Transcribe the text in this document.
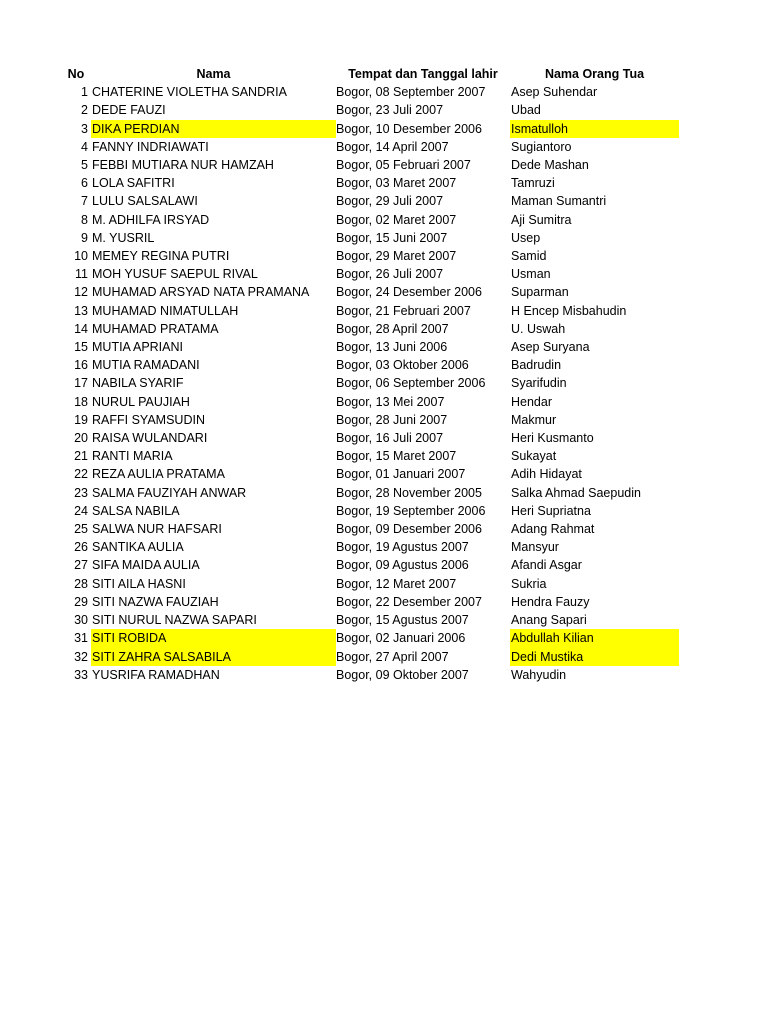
No		Nama	Tempat dan Tanggal lahir	Nama Orang Tua
1		CHATERINE VIOLETHA SANDRIA	Bogor, 08 September 2007	Asep Suhendar
2		DEDE FAUZI	Bogor, 23 Juli 2007	Ubad
3		DIKA PERDIAN	Bogor, 10 Desember 2006	Ismatulloh
4		FANNY INDRIAWATI	Bogor, 14 April 2007	Sugiantoro
5		FEBBI MUTIARA NUR HAMZAH	Bogor, 05 Februari 2007	Dede Mashan
6		LOLA SAFITRI	Bogor, 03 Maret 2007	Tamruzi
7		LULU SALSALAWI	Bogor, 29 Juli 2007	Maman Sumantri
8		M. ADHILFA IRSYAD	Bogor, 02 Maret 2007	Aji Sumitra
9		M. YUSRIL	Bogor, 15 Juni 2007	Usep
10		MEMEY REGINA PUTRI	Bogor, 29 Maret 2007	Samid
11		MOH YUSUF SAEPUL RIVAL	Bogor, 26 Juli 2007	Usman
12		MUHAMAD ARSYAD NATA PRAMANA	Bogor, 24 Desember 2006	Suparman
13		MUHAMAD NIMATULLAH	Bogor, 21 Februari 2007	H Encep Misbahudin
14		MUHAMAD PRATAMA	Bogor, 28 April 2007	U. Uswah
15		MUTIA APRIANI	Bogor, 13 Juni 2006	Asep Suryana
16		MUTIA RAMADANI	Bogor, 03 Oktober 2006	Badrudin
17		NABILA SYARIF	Bogor, 06 September 2006	Syarifudin
18		NURUL PAUJIAH	Bogor, 13 Mei 2007	Hendar
19		RAFFI SYAMSUDIN	Bogor, 28 Juni 2007	Makmur
20		RAISA WULANDARI	Bogor, 16 Juli 2007	Heri Kusmanto
21		RANTI MARIA	Bogor, 15 Maret 2007	Sukayat
22		REZA AULIA PRATAMA	Bogor, 01 Januari 2007	Adih Hidayat
23		SALMA FAUZIYAH ANWAR	Bogor, 28 November 2005	Salka Ahmad Saepudin
24		SALSA NABILA	Bogor, 19 September 2006	Heri Supriatna
25		SALWA NUR HAFSARI	Bogor, 09 Desember 2006	Adang Rahmat
26		SANTIKA AULIA	Bogor, 19 Agustus 2007	Mansyur
27		SIFA MAIDA AULIA	Bogor, 09 Agustus 2006	Afandi Asgar
28		SITI AILA HASNI	Bogor, 12 Maret 2007	Sukria
29		SITI NAZWA FAUZIAH	Bogor, 22 Desember 2007	Hendra Fauzy
30		SITI NURUL NAZWA SAPARI	Bogor, 15 Agustus 2007	Anang Sapari
31		SITI ROBIDA	Bogor, 02 Januari 2006	Abdullah Kilian
32		SITI ZAHRA SALSABILA	Bogor, 27 April 2007	Dedi Mustika
33		YUSRIFA RAMADHAN	Bogor, 09 Oktober 2007	Wahyudin
